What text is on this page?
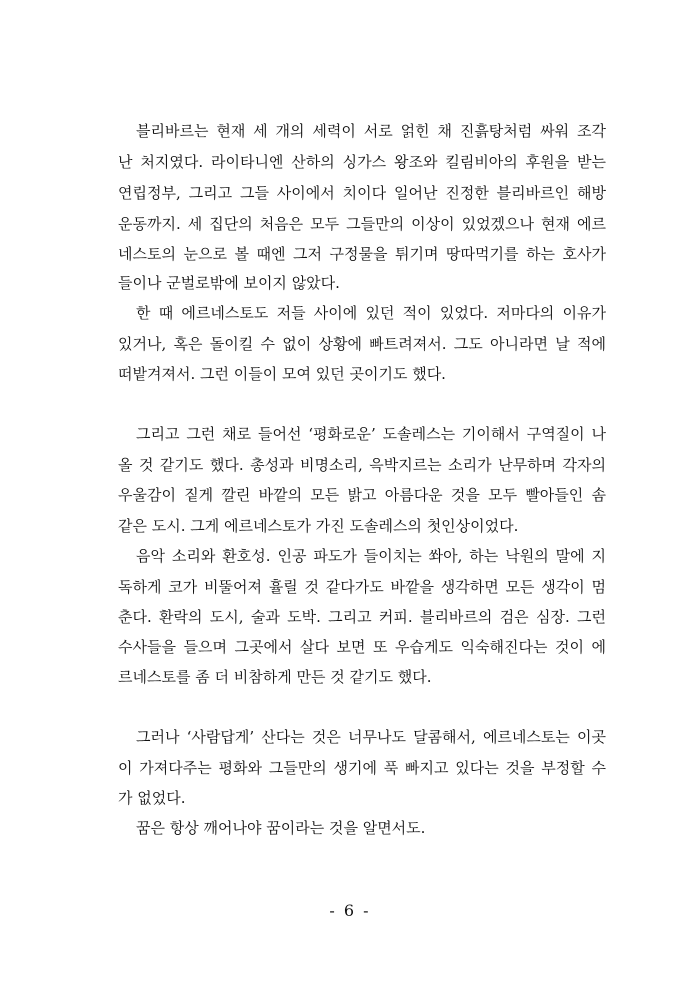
블리바르는 현재 세 개의 세력이 서로 얽힌 채 진흙탕처럼 싸워 조각
난 처지였다. 라이타니엔 산하의 싱가스 왕조와 킬림비아의 후원을 받는
연립정부, 그리고 그들 사이에서 치이다 일어난 진정한 블리바르인 해방
운동까지. 세 집단의 처음은 모두 그들만의 이상이 있었겠으나 현재 에르
네스토의 눈으로 볼 때엔 그저 구정물을 튀기며 땅따먹기를 하는 호사가
들이나 군벌로밖에 보이지 않았다.
한 때 에르네스토도 저들 사이에 있던 적이 있었다. 저마다의 이유가
있거나, 혹은 돌이킬 수 없이 상황에 빠트려져서. 그도 아니라면 날 적에
떠밭겨져서. 그런 이들이 모여 있던 곳이기도 했다.
그리고 그런 채로 들어선 ‘평화로운’ 도솔레스는 기이해서 구역질이 나
올 것 같기도 했다. 총성과 비명소리, 윽박지르는 소리가 난무하며 각자의
우울감이 짙게 깔린 바깥의 모든 밝고 아름다운 것을 모두 빨아들인 솜
같은 도시. 그게 에르네스토가 가진 도솔레스의 첫인상이었다.
음악 소리와 환호성. 인공 파도가 들이치는 쏴아, 하는 낙원의 말에 지
독하게 코가 비뚤어져 휼릴 것 같다가도 바깥을 생각하면 모든 생각이 멈
춘다. 환락의 도시, 술과 도박. 그리고 커피. 블리바르의 검은 심장. 그런
수사들을 들으며 그곳에서 살다 보면 또 우습게도 익숙해진다는 것이 에
르네스토를 좀 더 비참하게 만든 것 같기도 했다.
그러나 ‘사람답게’ 산다는 것은 너무나도 달콤해서, 에르네스토는 이곳
이 가져다주는 평화와 그들만의 생기에 푹 빠지고 있다는 것을 부정할 수
가 없었다.
꿈은 항상 깨어나야 꿈이라는 것을 알면서도.
- 6 -
